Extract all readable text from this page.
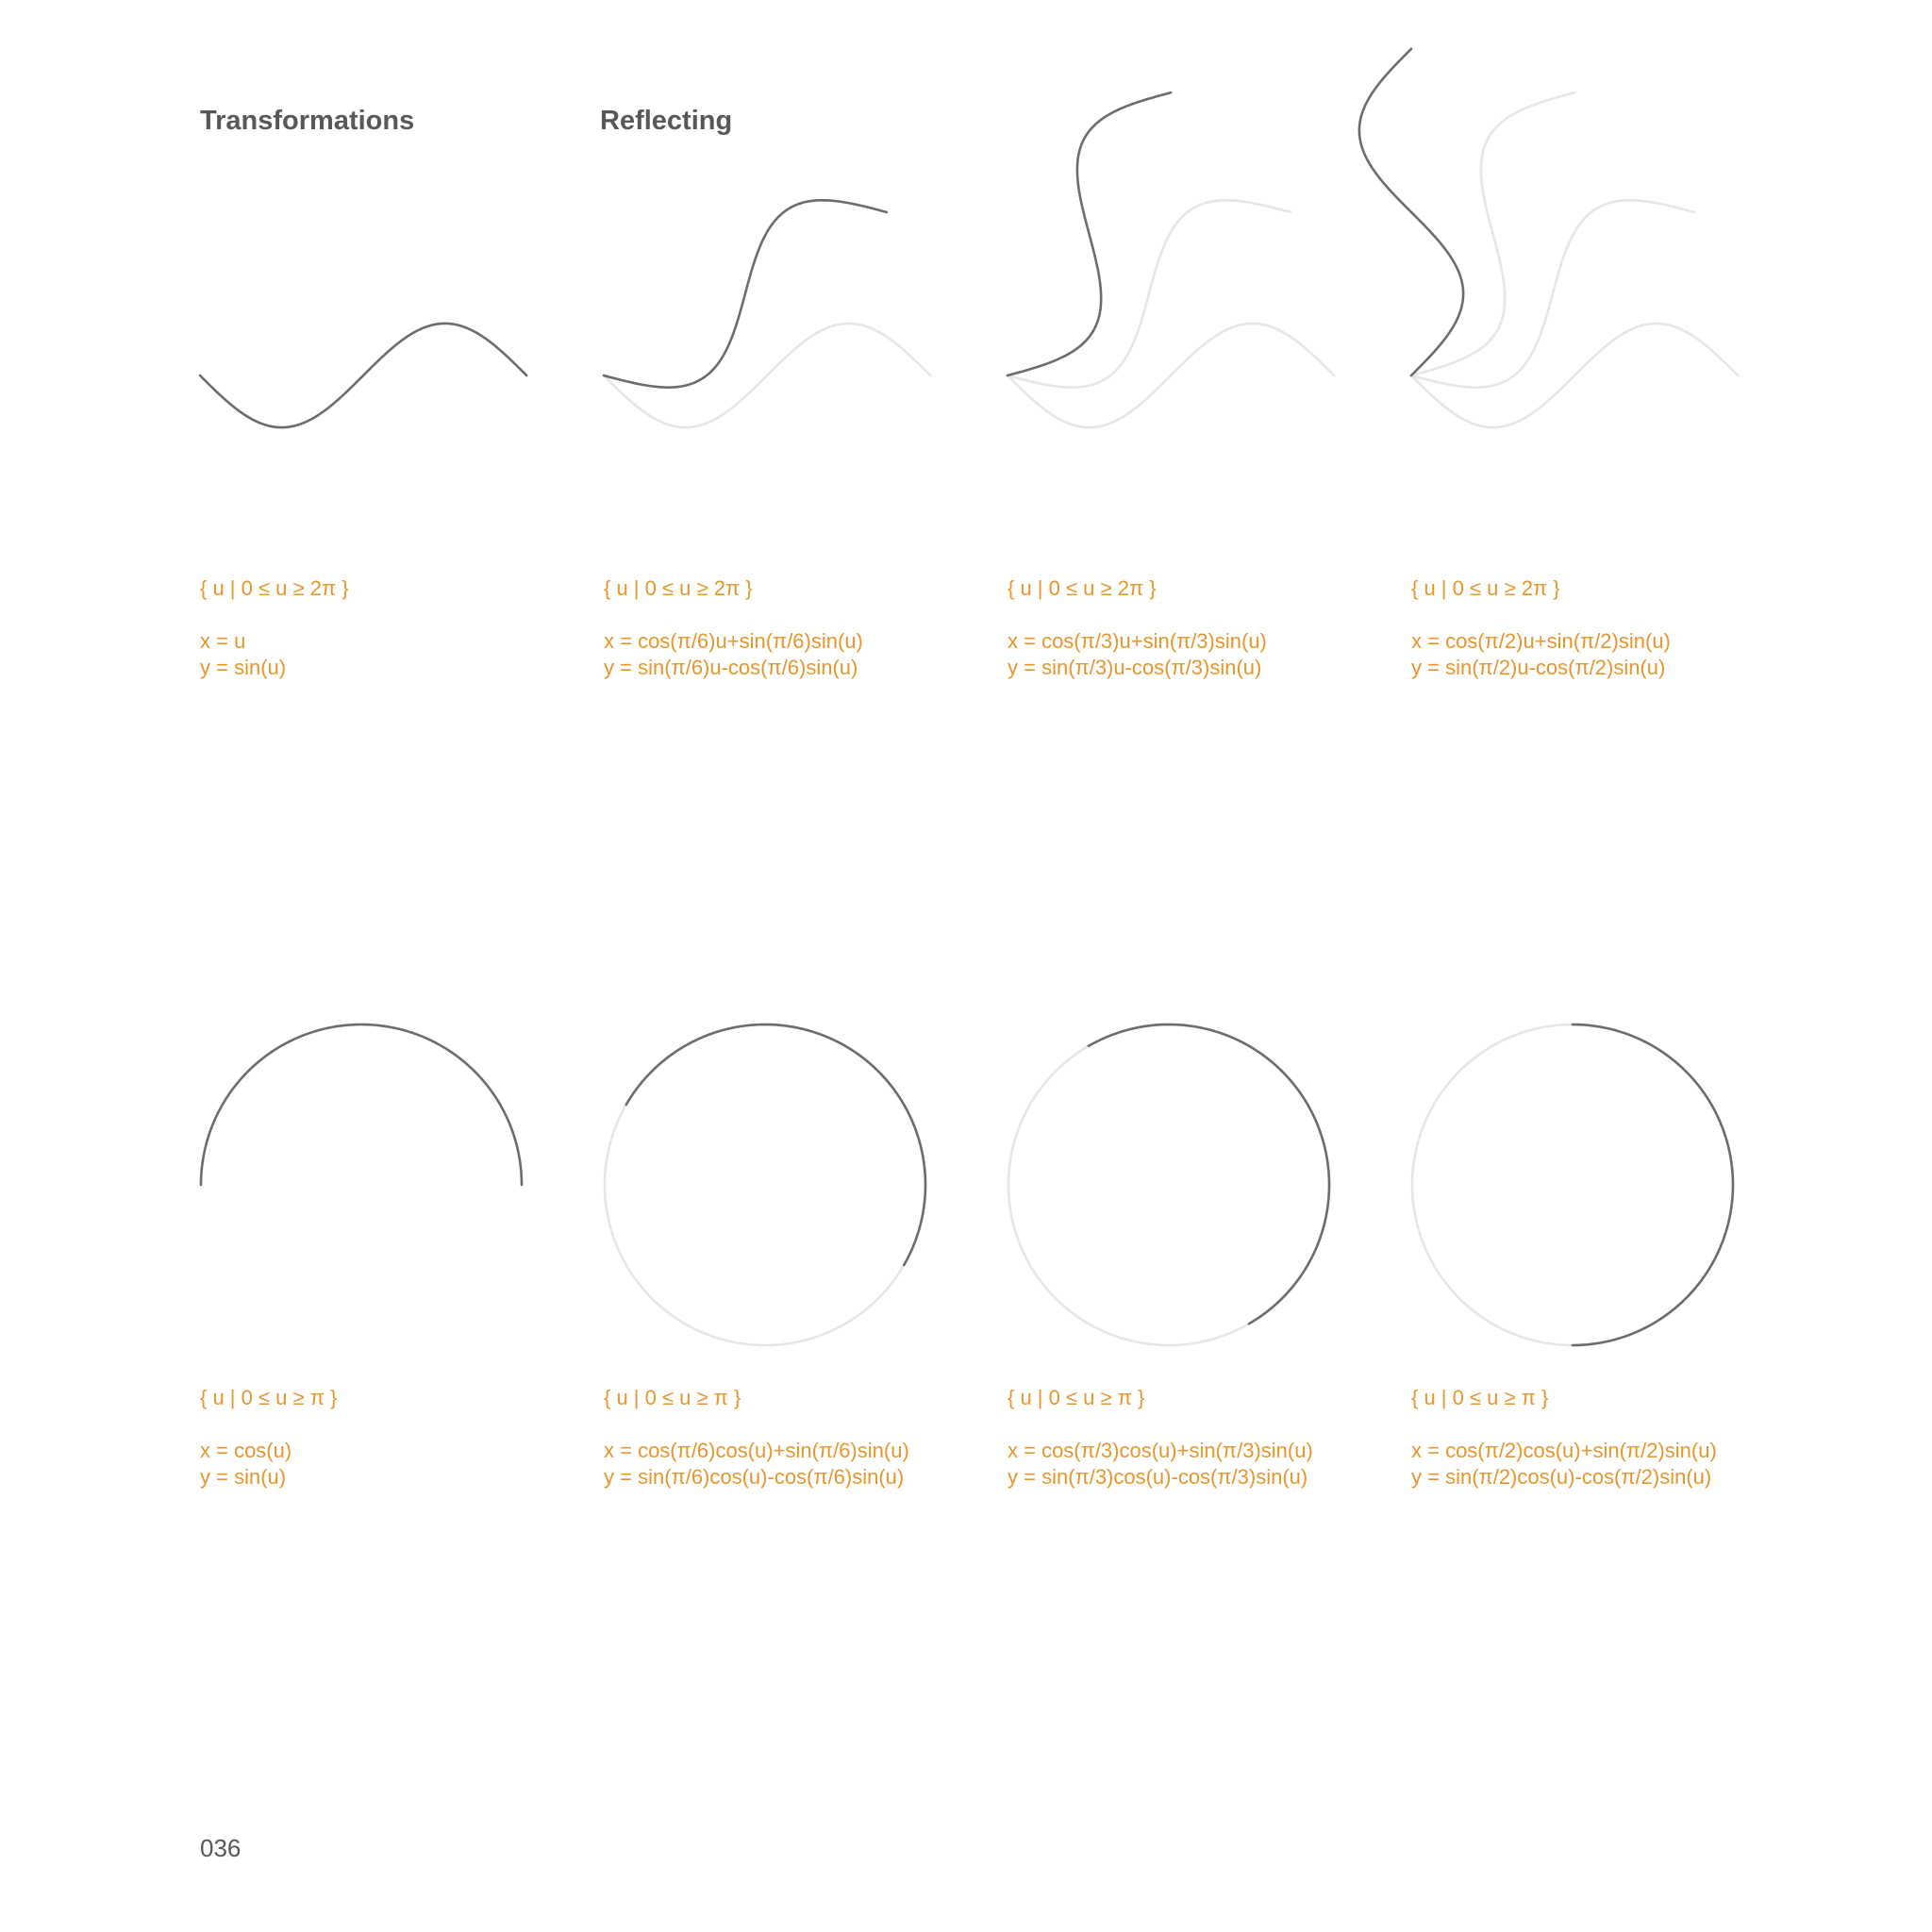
Transformations	Reflecting
{ u | 0 ≤ u ≥ 2π }
x = u
y = sin(u)
{ u | 0 ≤ u ≥ 2π }
x = cos(π/6)u+sin(π/6)sin(u)
y = sin(π/6)u-cos(π/6)sin(u)
{ u | 0 ≤ u ≥ 2π }
x = cos(π/3)u+sin(π/3)sin(u)
y = sin(π/3)u-cos(π/3)sin(u)
{ u | 0 ≤ u ≥ 2π }
x = cos(π/2)u+sin(π/2)sin(u)
y = sin(π/2)u-cos(π/2)sin(u)
{ u | 0 ≤ u ≥ π }
x = cos(u)
y = sin(u)
{ u | 0 ≤ u ≥ π }
x = cos(π/6)cos(u)+sin(π/6)sin(u)
y = sin(π/6)cos(u)-cos(π/6)sin(u)
{ u | 0 ≤ u ≥ π }
x = cos(π/3)cos(u)+sin(π/3)sin(u)
y = sin(π/3)cos(u)-cos(π/3)sin(u)
{ u | 0 ≤ u ≥ π }
x = cos(π/2)cos(u)+sin(π/2)sin(u)
y = sin(π/2)cos(u)-cos(π/2)sin(u)
036
